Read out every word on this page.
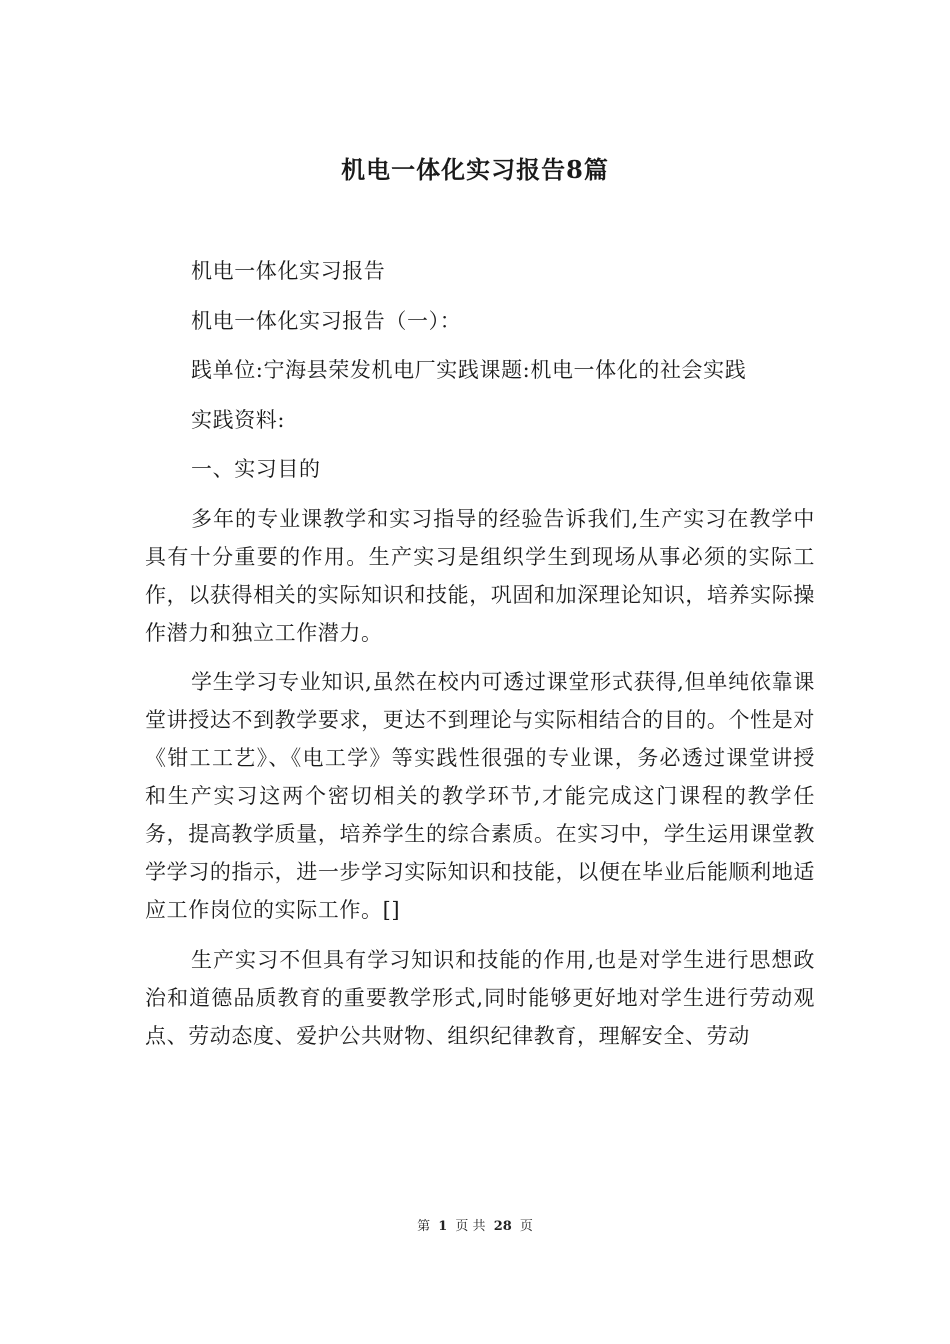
机电一体化实习报告8篇

机电一体化实习报告

机电一体化实习报告（一）：

践单位:宁海县荣发机电厂实践课题:机电一体化的社会实践

实践资料:

一、实习目的

多年的专业课教学和实习指导的经验告诉我们,生产实习在教学中具有十分重要的作用。生产实习是组织学生到现场从事必须的实际工作，以获得相关的实际知识和技能，巩固和加深理论知识，培养实际操作潜力和独立工作潜力。

学生学习专业知识,虽然在校内可透过课堂形式获得,但单纯依靠课堂讲授达不到教学要求，更达不到理论与实际相结合的目的。个性是对《钳工工艺》、《电工学》等实践性很强的专业课，务必透过课堂讲授和生产实习这两个密切相关的教学环节,才能完成这门课程的教学任务，提高教学质量，培养学生的综合素质。在实习中，学生运用课堂教学学习的指示，进一步学习实际知识和技能，以便在毕业后能顺利地适应工作岗位的实际工作。[]

生产实习不但具有学习知识和技能的作用,也是对学生进行思想政治和道德品质教育的重要教学形式,同时能够更好地对学生进行劳动观点、劳动态度、爱护公共财物、组织纪律教育，理解安全、劳动

第 1 页 共 28 页
